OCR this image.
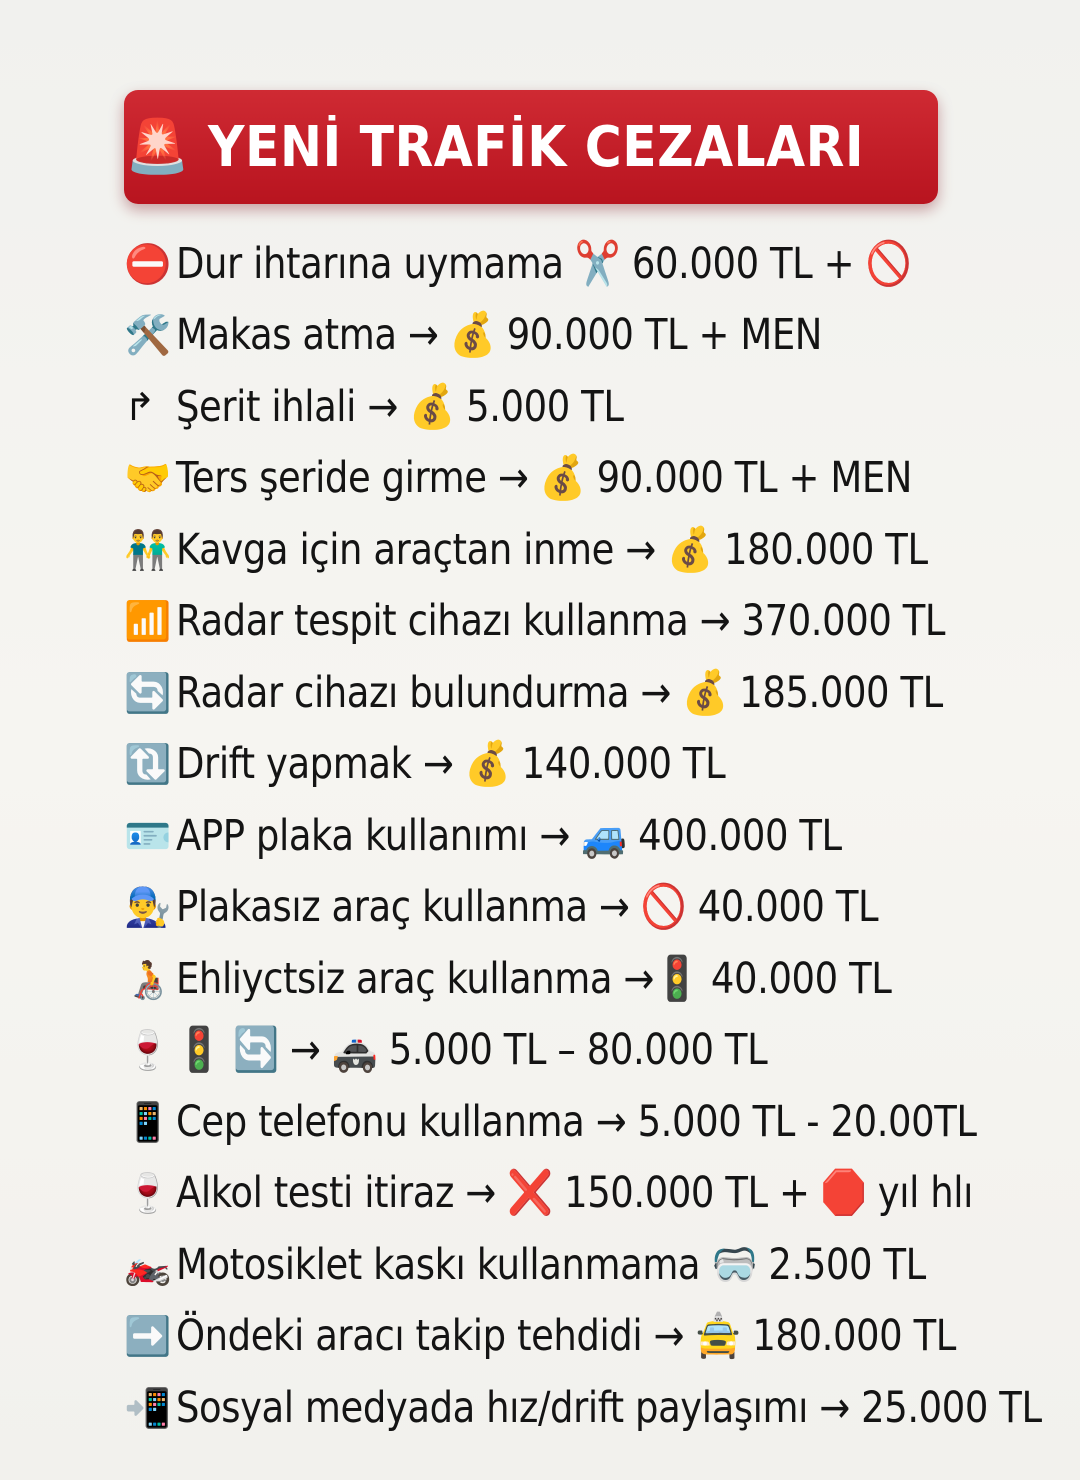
🚨 YENİ TRAFİK CEZALARI
⛔ Dur ihtarına uymama ✂️ 60.000 TL + 🚫
🛠️ Makas atma → 💰 90.000 TL + MEN
↱ Şerit ihlali → 💰 5.000 TL
🤝 Ters şeride girme → 💰 90.000 TL + MEN
👬 Kavga için araçtan inme → 💰 180.000 TL
📶 Radar tespit cihazı kullanma → 370.000 TL
🔄 Radar cihazı bulundurma → 💰 185.000 TL
🔃 Drift yapmak → 💰 140.000 TL
🪪 APP plaka kullanımı → 🚙 400.000 TL
👨‍🔧 Plakasız araç kullanma → 🚫 40.000 TL
🧑‍🦽 Ehliyctsiz araç kullanma →🚦 40.000 TL
🍷 🚦 🔄 → 🚓 5.000 TL – 80.000 TL
📱 Cep telefonu kullanma → 5.000 TL - 20.00TL
🍷 Alkol testi itiraz → ❌ 150.000 TL + 🛑 yıl hlı
🏍️ Motosiklet kaskı kullanmama 🥽 2.500 TL
➡️ Öndeki aracı takip tehdidi → 🚖 180.000 TL
📲 Sosyal medyada hız/drift paylaşımı → 25.000 TL
